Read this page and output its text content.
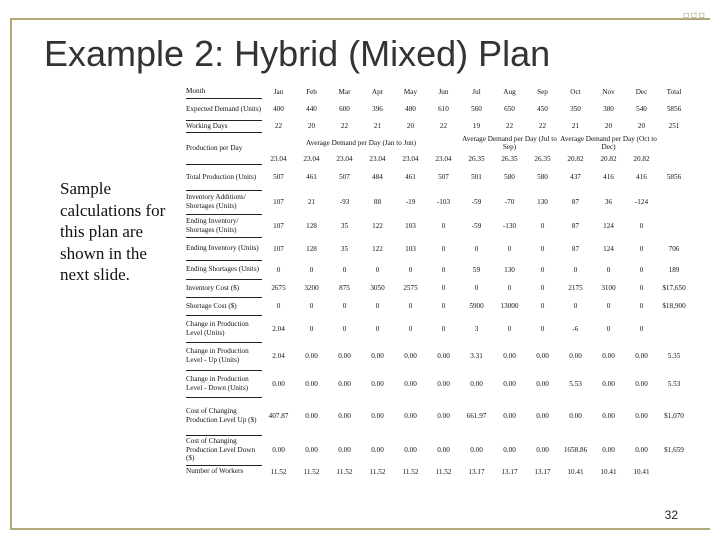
▫▫▫
Example 2: Hybrid (Mixed) Plan
Sample calculations for this plan are shown in the next slide.
Month	Jan	Feb	Mar	Apr	May	Jun	Jul	Aug	Sep	Oct	Nov	Dec	Total
Expected Demand (Units)	400	440	600	396	480	610	560	650	450	350	380	540	5856
Working Days	22	20	22	21	20	22	19	22	22	21	20	20	251
Production per Day	Average Demand per Day (Jan to Jun)						Average Demand per Day (Jul to Sep)			Average Demand per Day (Oct to Dec)			
	23.04	23.04	23.04	23.04	23.04	23.04	26.35	26.35	26.35	20.82	20.82	20.82	
Total Production (Units)	507	461	507	484	461	507	501	580	580	437	416	416	5856
Inventory Additions/ Shortages (Units)	107	21	-93	88	-19	-103	-59	-70	130	87	36	-124	
Ending Inventory/ Shortages (Units)	107	128	35	122	103	0	-59	-130	0	87	124	0	
Ending Inventory (Units)	107	128	35	122	103	0	0	0	0	87	124	0	706
Ending Shortages (Units)	0	0	0	0	0	0	59	130	0	0	0	0	189
Inventory Cost ($)	2675	3200	875	3050	2575	0	0	0	0	2175	3100	0	$17,650
Shortage Cost ($)	0	0	0	0	0	0	5900	13000	0	0	0	0	$18,900
Change in Production Level (Units)	2.04	0	0	0	0	0	3	0	0	-6	0	0	
Change in Production Level - Up (Units)	2.04	0.00	0.00	0.00	0.00	0.00	3.31	0.00	0.00	0.00	0.00	0.00	5.35
Change in Production Level - Down (Units)	0.00	0.00	0.00	0.00	0.00	0.00	0.00	0.00	0.00	5.53	0.00	0.00	5.53
Cost of Changing Production Level Up ($)	407.87	0.00	0.00	0.00	0.00	0.00	661.97	0.00	0.00	0.00	0.00	0.00	$1,070
Cost of Changing Production Level Down ($)	0.00	0.00	0.00	0.00	0.00	0.00	0.00	0.00	0.00	1658.86	0.00	0.00	$1,659
Number of Workers	11.52	11.52	11.52	11.52	11.52	11.52	13.17	13.17	13.17	10.41	10.41	10.41	
32
